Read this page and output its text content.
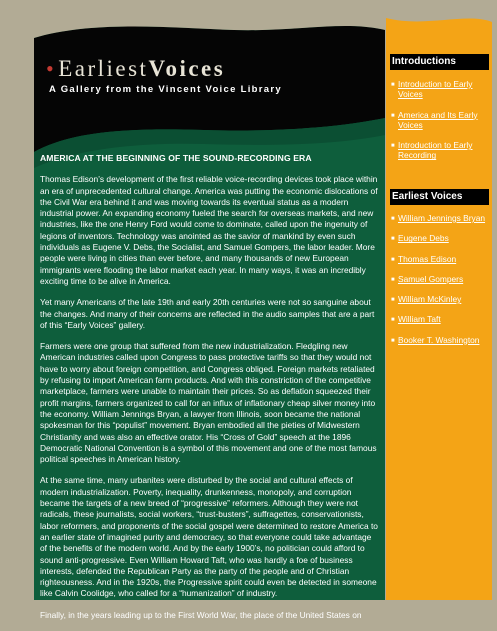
•EarliestVoices
A Gallery from the Vincent Voice Library
AMERICA AT THE BEGINNING OF THE SOUND-RECORDING ERA

Thomas Edison’s development of the first reliable voice-recording devices took place within an era of unprecedented cultural change. America was putting the economic dislocations of the Civil War era behind it and was moving towards its eventual status as a modern industrial power. An expanding economy fueled the search for overseas markets, and new industries, like the one Henry Ford would come to dominate, called upon the ingenuity of legions of inventors. Technology was anointed as the savior of mankind by even such individuals as Eugene V. Debs, the Socialist, and Samuel Gompers, the labor leader. More people were living in cities than ever before, and many thousands of new European immigrants were flooding the labor market each year. In many ways, it was an incredibly exciting time to be alive in America.

Yet many Americans of the late 19th and early 20th centuries were not so sanguine about the changes. And many of their concerns are reflected in the audio samples that are a part of this “Early Voices” gallery.

Farmers were one group that suffered from the new industrialization. Fledgling new American industries called upon Congress to pass protective tariffs so that they would not have to worry about foreign competition, and Congress obliged. Foreign markets retaliated by refusing to import American farm products. And with this constriction of the competitive marketplace, farmers were unable to maintain their prices. So as deflation squeezed their profit margins, farmers organized to call for an influx of inflationary cheap silver money into the economy. William Jennings Bryan, a lawyer from Illinois, soon became the national spokesman for this “populist” movement. Bryan embodied all the pieties of Midwestern Christianity and was also an effective orator. His “Cross of Gold” speech at the 1896 Democratic National Convention is a symbol of this movement and one of the most famous political speeches in American history.

At the same time, many urbanites were disturbed by the social and cultural effects of modern industrialization. Poverty, inequality, drunkenness, monopoly, and corruption became the targets of a new breed of “progressive” reformers. Although they were not radicals, these journalists, social workers, “trust-busters”, suffragettes, conservationists, labor reformers, and proponents of the social gospel were determined to restore America to an earlier state of imagined purity and democracy, so that everyone could take advantage of the benefits of the modern world. And by the early 1900’s, no politician could afford to sound anti-progressive. Even William Howard Taft, who was hardly a foe of business interests, defended the Republican Party as the party of the people and of Christian righteousness. And in the 1920s, the Progressive spirit could even be detected in someone like Calvin Coolidge, who called for a “humanization” of industry.

Finally, in the years leading up to the First World War, the place of the United States on

Introductions
■ Introduction to Early Voices
■ America and Its Early Voices
■ Introduction to Early Recording
Earliest Voices
■ William Jennings Bryan
■ Eugene Debs
■ Thomas Edison
■ Samuel Gompers
■ William McKinley
■ William Taft
■ Booker T. Washington
